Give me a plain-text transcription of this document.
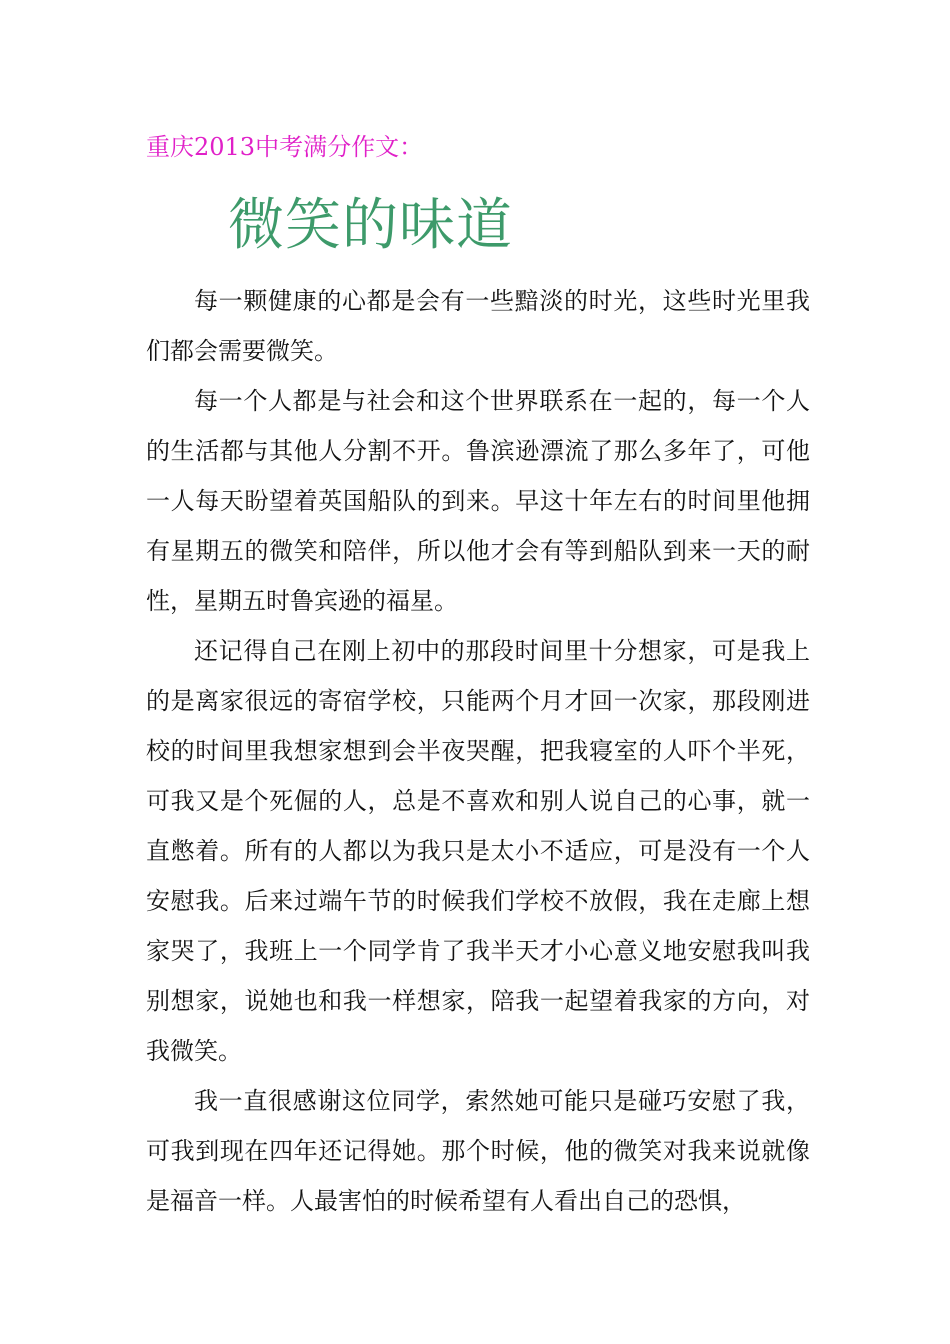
重庆2013中考满分作文：
微笑的味道

每一颗健康的心都是会有一些黯淡的时光，这些时光里我们都会需要微笑。

每一个人都是与社会和这个世界联系在一起的，每一个人的生活都与其他人分割不开。鲁滨逊漂流了那么多年了，可他一人每天盼望着英国船队的到来。早这十年左右的时间里他拥有星期五的微笑和陪伴，所以他才会有等到船队到来一天的耐性，星期五时鲁宾逊的福星。

还记得自己在刚上初中的那段时间里十分想家，可是我上的是离家很远的寄宿学校，只能两个月才回一次家，那段刚进校的时间里我想家想到会半夜哭醒，把我寝室的人吓个半死，可我又是个死倔的人，总是不喜欢和别人说自己的心事，就一直憋着。所有的人都以为我只是太小不适应，可是没有一个人安慰我。后来过端午节的时候我们学校不放假，我在走廊上想家哭了，我班上一个同学肯了我半天才小心意义地安慰我叫我别想家，说她也和我一样想家，陪我一起望着我家的方向，对我微笑。

我一直很感谢这位同学，索然她可能只是碰巧安慰了我，可我到现在四年还记得她。那个时候，他的微笑对我来说就像是福音一样。人最害怕的时候希望有人看出自己的恐惧，
